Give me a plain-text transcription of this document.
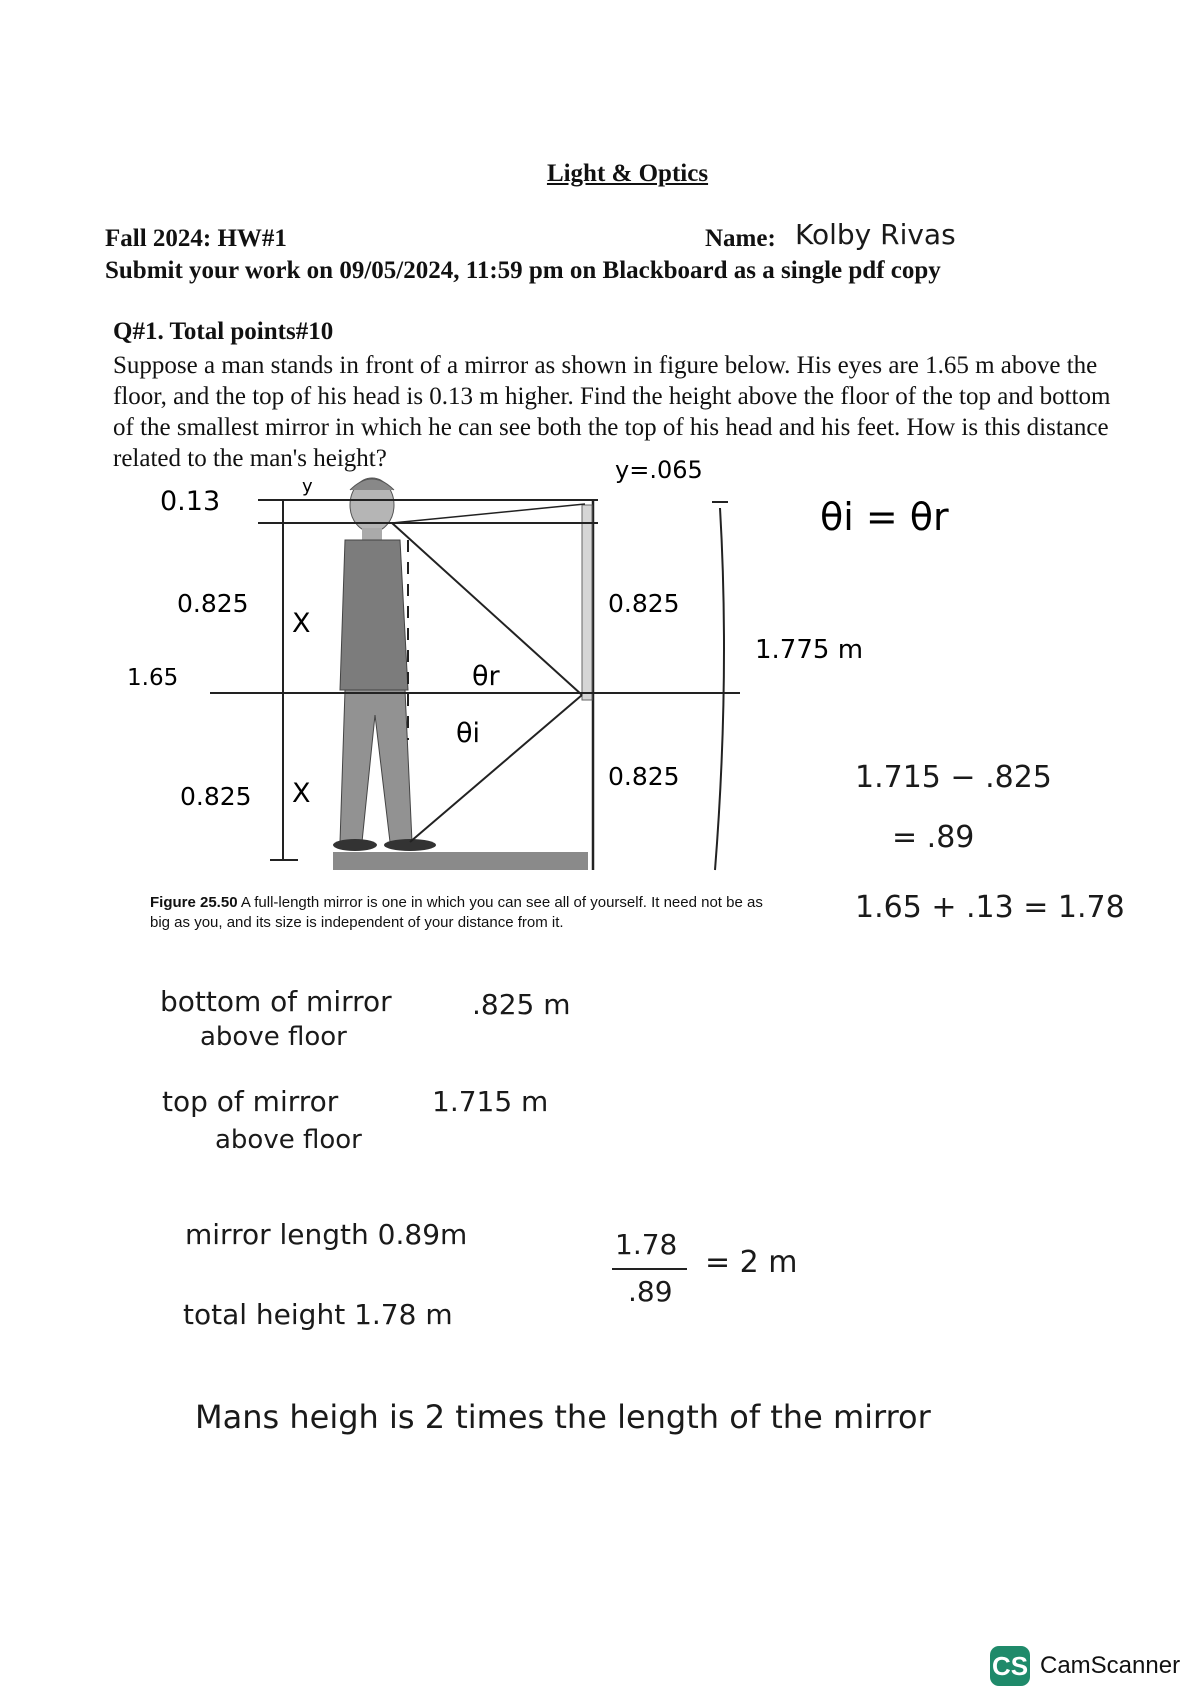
Light & Optics
Fall 2024: HW#1	Name: Kolby Rivas
Submit your work on 09/05/2024, 11:59 pm on Blackboard as a single pdf copy
Q#1. Total points#10
Suppose a man stands in front of a mirror as shown in figure below. His eyes are 1.65 m above the floor, and the top of his head is 0.13 m higher. Find the height above the floor of the top and bottom of the smallest mirror in which he can see both the top of his head and his feet. How is this distance related to the man's height?
0.13	y
y=.065
0.825
X
1.65	θr
θi
0.825 X
0.825
0.825
1.775 m
θi = θr
Figure 25.50 A full-length mirror is one in which you can see all of yourself. It need not be as big as you, and its size is independent of your distance from it.
1.715 − .825
= .89
1.65 + .13 = 1.78
bottom of mirror
above floor
.825 m
top of mirror
above floor
1.715 m
mirror length 0.89m
total height 1.78 m
1.78
.89
= 2 m
Mans heigh is 2 times the length of the mirror
CS CamScanner
